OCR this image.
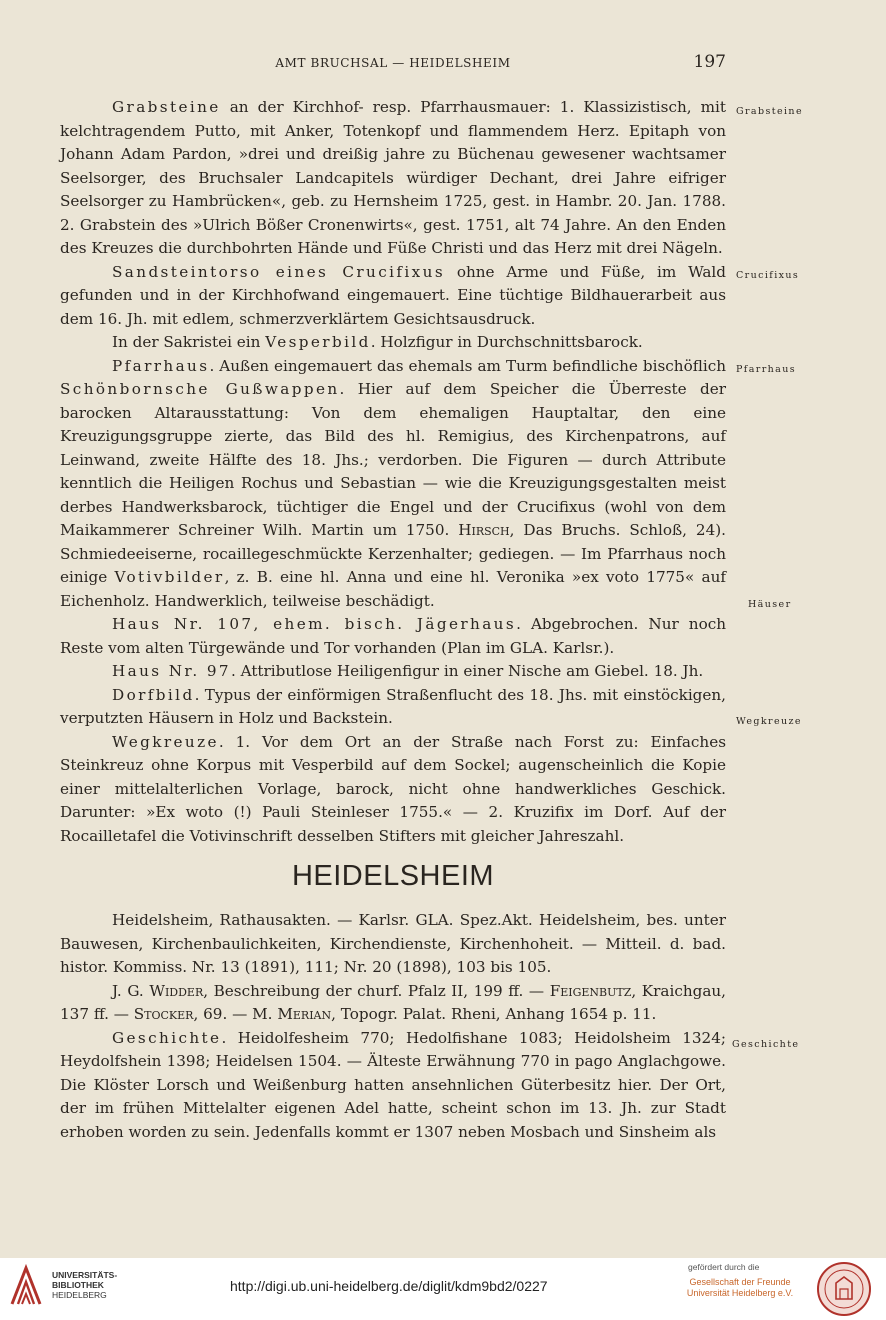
AMT BRUCHSAL — HEIDELSHEIM	197
Grabsteine
Crucifixus
Pfarrhaus
Häuser
Wegkreuze
Geschichte

Grabsteine an der Kirchhof- resp. Pfarrhausmauer: 1. Klassizistisch, mit kelchtragendem Putto, mit Anker, Totenkopf und flammendem Herz. Epitaph von Johann Adam Pardon, »drei und dreißig jahre zu Büchenau gewesener wachtsamer Seelsorger, des Bruchsaler Landcapitels würdiger Dechant, drei Jahre eifriger Seelsorger zu Hambrücken«, geb. zu Hernsheim 1725, gest. in Hambr. 20. Jan. 1788. 2. Grabstein des »Ulrich Bößer Cronenwirts«, gest. 1751, alt 74 Jahre. An den Enden des Kreuzes die durchbohrten Hände und Füße Christi und das Herz mit drei Nägeln.

Sandsteintorso eines Crucifixus ohne Arme und Füße, im Wald gefunden und in der Kirchhofwand eingemauert. Eine tüchtige Bildhauerarbeit aus dem 16. Jh. mit edlem, schmerzverklärtem Gesichtsausdruck.

In der Sakristei ein Vesperbild. Holzfigur in Durchschnittsbarock.

Pfarrhaus. Außen eingemauert das ehemals am Turm befindliche bischöflich Schönbornsche Gußwappen. Hier auf dem Speicher die Überreste der barocken Altarausstattung: Von dem ehemaligen Hauptaltar, den eine Kreuzigungsgruppe zierte, das Bild des hl. Remigius, des Kirchenpatrons, auf Leinwand, zweite Hälfte des 18. Jhs.; verdorben. Die Figuren — durch Attribute kenntlich die Heiligen Rochus und Sebastian — wie die Kreuzigungsgestalten meist derbes Handwerksbarock, tüchtiger die Engel und der Crucifixus (wohl von dem Maikammerer Schreiner Wilh. Martin um 1750. Hirsch, Das Bruchs. Schloß, 24). Schmiedeeiserne, rocaillegeschmückte Kerzenhalter; gediegen. — Im Pfarrhaus noch einige Votivbilder, z. B. eine hl. Anna und eine hl. Veronika »ex voto 1775« auf Eichenholz. Handwerklich, teilweise beschädigt.

Haus Nr. 107, ehem. bisch. Jägerhaus. Abgebrochen. Nur noch Reste vom alten Türgewände und Tor vorhanden (Plan im GLA. Karlsr.).

Haus Nr. 97. Attributlose Heiligenfigur in einer Nische am Giebel. 18. Jh.

Dorfbild. Typus der einförmigen Straßenflucht des 18. Jhs. mit einstöckigen, verputzten Häusern in Holz und Backstein.

Wegkreuze. 1. Vor dem Ort an der Straße nach Forst zu: Einfaches Steinkreuz ohne Korpus mit Vesperbild auf dem Sockel; augenscheinlich die Kopie einer mittelalterlichen Vorlage, barock, nicht ohne handwerkliches Geschick. Darunter: »Ex woto (!) Pauli Steinleser 1755.« — 2. Kruzifix im Dorf. Auf der Rocailletafel die Votivinschrift desselben Stifters mit gleicher Jahreszahl.

HEIDELSHEIM

Heidelsheim, Rathausakten. — Karlsr. GLA. Spez.Akt. Heidelsheim, bes. unter Bauwesen, Kirchenbaulichkeiten, Kirchendienste, Kirchenhoheit. — Mitteil. d. bad. histor. Kommiss. Nr. 13 (1891), 111; Nr. 20 (1898), 103 bis 105.

J. G. Widder, Beschreibung der churf. Pfalz II, 199 ff. — Feigenbutz, Kraichgau, 137 ff. — Stocker, 69. — M. Merian, Topogr. Palat. Rheni, Anhang 1654 p. 11.

Geschichte. Heidolfesheim 770; Hedolfishane 1083; Heidolsheim 1324; Heydolfshein 1398; Heidelsen 1504. — Älteste Erwähnung 770 in pago Anglachgowe. Die Klöster Lorsch und Weißenburg hatten ansehnlichen Güterbesitz hier. Der Ort, der im frühen Mittelalter eigenen Adel hatte, scheint schon im 13. Jh. zur Stadt erhoben worden zu sein. Jedenfalls kommt er 1307 neben Mosbach und Sinsheim als

UNIVERSITÄTS-
BIBLIOTHEK
HEIDELBERG
http://digi.ub.uni-heidelberg.de/diglit/kdm9bd2/0227
gefördert durch die
Gesellschaft der Freunde
Universität Heidelberg e.V.
